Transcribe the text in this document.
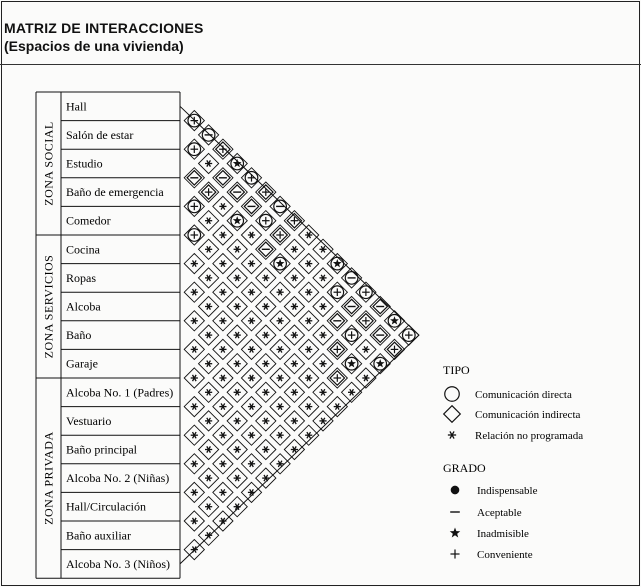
MATRIZ DE INTERACCIONES
(Espacios de una vivienda)
ZONA SOCIAL
ZONA SERVICIOS
ZONA PRIVADA
Hall
Salón de estar
Estudio
Baño de emergencia
Comedor
Cocina
Ropas
Alcoba
Baño
Garaje
Alcoba No. 1 (Padres)
Vestuario
Baño principal
Alcoba No. 2 (Niñas)
Hall/Circulación
Baño auxiliar
Alcoba No. 3 (Niños)
TIPO
Comunicación directa
Comunicación indirecta
Relación no programada
GRADO
Indispensable
Aceptable
Inadmisible
Conveniente
